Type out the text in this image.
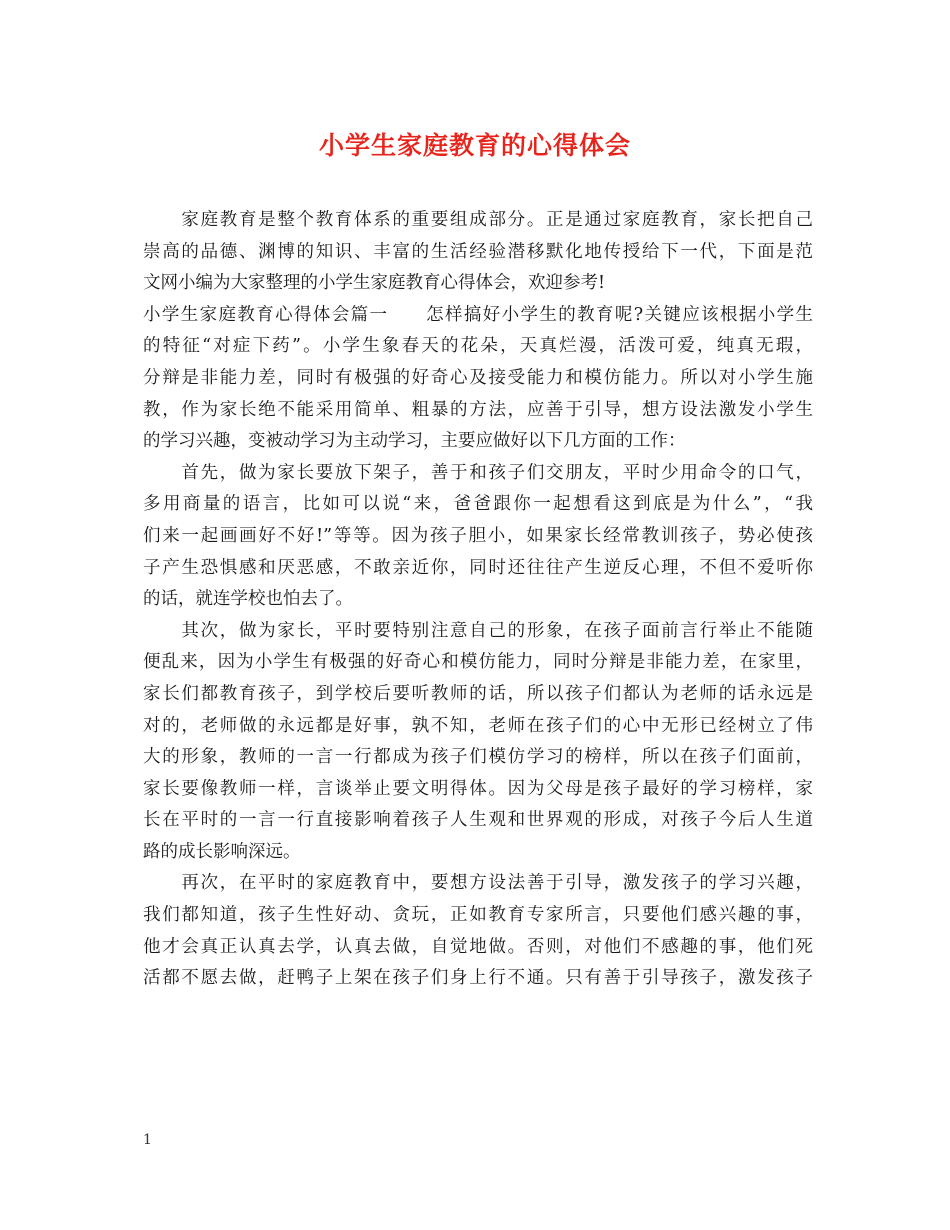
小学生家庭教育的心得体会

　　家庭教育是整个教育体系的重要组成部分。正是通过家庭教育，家长把自己
崇高的品德、渊博的知识、丰富的生活经验潜移默化地传授给下一代，下面是范
文网小编为大家整理的小学生家庭教育心得体会，欢迎参考!

小学生家庭教育心得体会篇一　　怎样搞好小学生的教育呢?关键应该根据小学生
的特征“对症下药”。小学生象春天的花朵，天真烂漫，活泼可爱，纯真无瑕，
分辩是非能力差，同时有极强的好奇心及接受能力和模仿能力。所以对小学生施
教，作为家长绝不能采用简单、粗暴的方法，应善于引导，想方设法激发小学生
的学习兴趣，变被动学习为主动学习，主要应做好以下几方面的工作：

　　首先，做为家长要放下架子，善于和孩子们交朋友，平时少用命令的口气，
多用商量的语言，比如可以说“来，爸爸跟你一起想看这到底是为什么”，“我
们来一起画画好不好!”等等。因为孩子胆小，如果家长经常教训孩子，势必使孩
子产生恐惧感和厌恶感，不敢亲近你，同时还往往产生逆反心理，不但不爱听你
的话，就连学校也怕去了。

　　其次，做为家长，平时要特别注意自己的形象，在孩子面前言行举止不能随
便乱来，因为小学生有极强的好奇心和模仿能力，同时分辩是非能力差，在家里，
家长们都教育孩子，到学校后要听教师的话，所以孩子们都认为老师的话永远是
对的，老师做的永远都是好事，孰不知，老师在孩子们的心中无形已经树立了伟
大的形象，教师的一言一行都成为孩子们模仿学习的榜样，所以在孩子们面前，
家长要像教师一样，言谈举止要文明得体。因为父母是孩子最好的学习榜样，家
长在平时的一言一行直接影响着孩子人生观和世界观的形成，对孩子今后人生道
路的成长影响深远。

　　再次，在平时的家庭教育中，要想方设法善于引导，激发孩子的学习兴趣，
我们都知道，孩子生性好动、贪玩，正如教育专家所言，只要他们感兴趣的事，
他才会真正认真去学，认真去做，自觉地做。否则，对他们不感趣的事，他们死
活都不愿去做，赶鸭子上架在孩子们身上行不通。只有善于引导孩子，激发孩子

1
